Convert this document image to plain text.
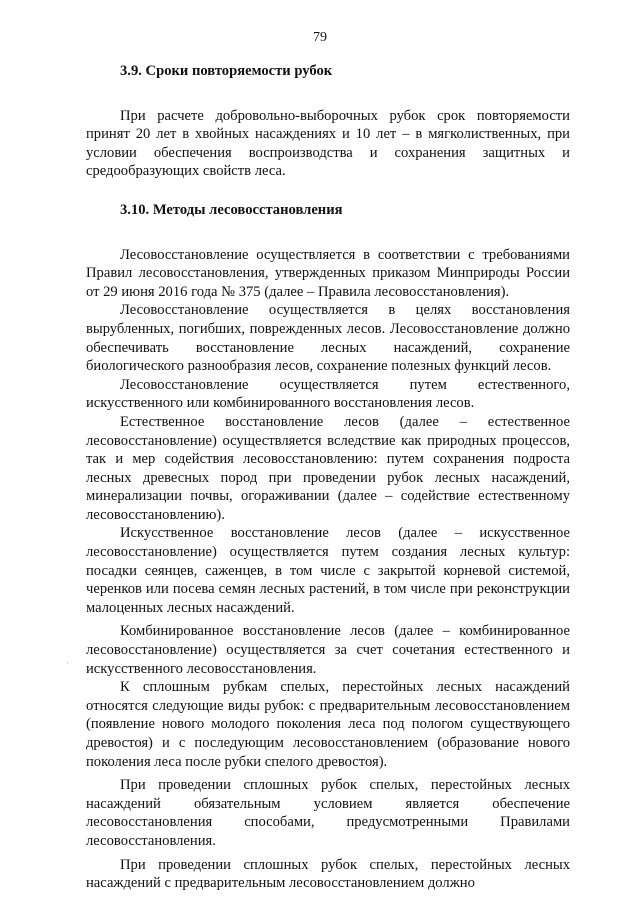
79
3.9. Сроки повторяемости рубок

При расчете добровольно-выборочных рубок срок повторяемости принят 20 лет в хвойных насаждениях и 10 лет – в мягколиственных, при условии обеспечения воспроизводства и сохранения защитных и средообразующих свойств леса.

3.10. Методы лесовосстановления

Лесовосстановление осуществляется в соответствии с требованиями Правил лесовосстановления, утвержденных приказом Минприроды России от 29 июня 2016 года № 375 (далее – Правила лесовосстановления).

Лесовосстановление осуществляется в целях восстановления вырубленных, погибших, поврежденных лесов. Лесовосстановление должно обеспечивать восстановление лесных насаждений, сохранение биологического разнообразия лесов, сохранение полезных функций лесов.

Лесовосстановление осуществляется путем естественного, искусственного или комбинированного восстановления лесов.

Естественное восстановление лесов (далее – естественное лесовосстановление) осуществляется вследствие как природных процессов, так и мер содействия лесовосстановлению: путем сохранения подроста лесных древесных пород при проведении рубок лесных насаждений, минерализации почвы, огораживании (далее – содействие естественному лесовосстановлению).

Искусственное восстановление лесов (далее – искусственное лесовосстановление) осуществляется путем создания лесных культур: посадки сеянцев, саженцев, в том числе с закрытой корневой системой, черенков или посева семян лесных растений, в том числе при реконструкции малоценных лесных насаждений.

Комбинированное восстановление лесов (далее – комбинированное лесовосстановление) осуществляется за счет сочетания естественного и искусственного лесовосстановления.

К сплошным рубкам спелых, перестойных лесных насаждений относятся следующие виды рубок: с предварительным лесовосстановлением (появление нового молодого поколения леса под пологом существующего древостоя) и с последующим лесовосстановлением (образование нового поколения леса после рубки спелого древостоя).

При проведении сплошных рубок спелых, перестойных лесных насаждений обязательным условием является обеспечение лесовосстановления способами, предусмотренными Правилами лесовосстановления.

При проведении сплошных рубок спелых, перестойных лесных насаждений с предварительным лесовосстановлением должно

·
